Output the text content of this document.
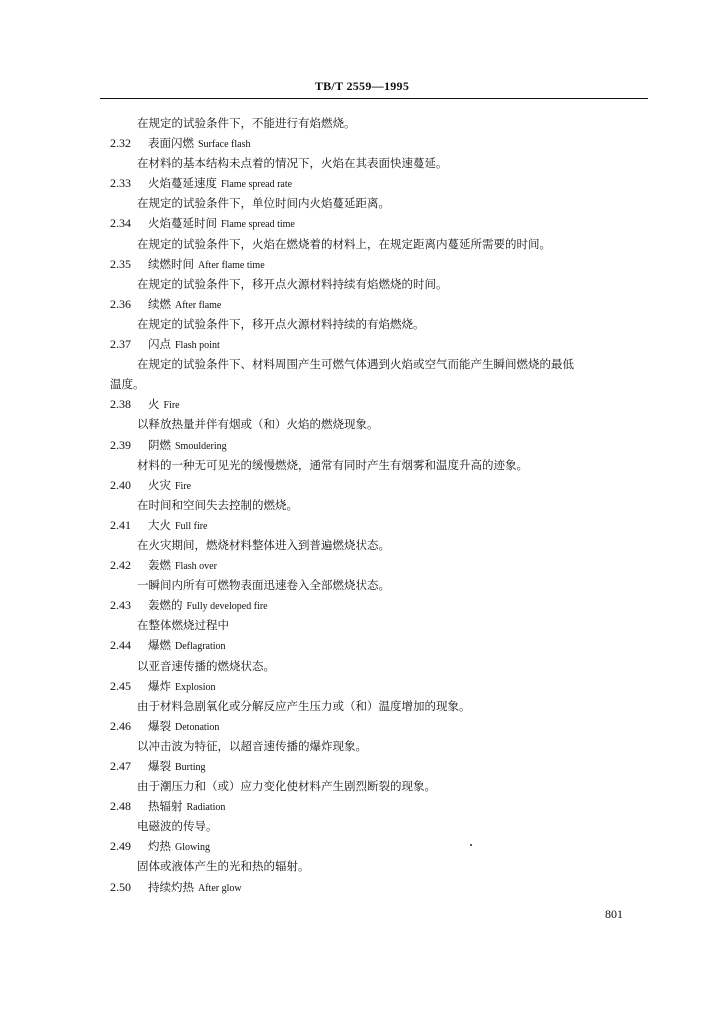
TB/T 2559—1995
在规定的试验条件下，不能进行有焰燃烧。
2.32 表面闪燃 Surface flash
在材料的基本结构未点着的情况下，火焰在其表面快速蔓延。
2.33 火焰蔓延速度 Flame spread rate
在规定的试验条件下，单位时间内火焰蔓延距离。
2.34 火焰蔓延时间 Flame spread time
在规定的试验条件下，火焰在燃烧着的材料上，在规定距离内蔓延所需要的时间。
2.35 续燃时间 After flame time
在规定的试验条件下，移开点火源材料持续有焰燃烧的时间。
2.36 续燃 After flame
在规定的试验条件下，移开点火源材料持续的有焰燃烧。
2.37 闪点 Flash point
在规定的试验条件下、材料周围产生可燃气体遇到火焰或空气而能产生瞬间燃烧的最低
温度。
2.38 火 Fire
以释放热量并伴有烟或（和）火焰的燃烧现象。
2.39 阴燃 Smouldering
材料的一种无可见光的缓慢燃烧，通常有同时产生有烟雾和温度升高的迹象。
2.40 火灾 Fire
在时间和空间失去控制的燃烧。
2.41 大火 Full fire
在火灾期间，燃烧材料整体进入到普遍燃烧状态。
2.42 轰燃 Flash over
一瞬间内所有可燃物表面迅速卷入全部燃烧状态。
2.43 轰燃的 Fully developed fire
在整体燃烧过程中
2.44 爆燃 Deflagration
以亚音速传播的燃烧状态。
2.45 爆炸 Explosion
由于材料急剧氧化或分解反应产生压力或（和）温度增加的现象。
2.46 爆裂 Detonation
以冲击波为特征，以超音速传播的爆炸现象。
2.47 爆裂 Burting
由于潮压力和（或）应力变化使材料产生剧烈断裂的现象。
2.48 热辐射 Radiation
电磁波的传导。
2.49 灼热 Glowing
固体或液体产生的光和热的辐射。
2.50 持续灼热 After glow
801
